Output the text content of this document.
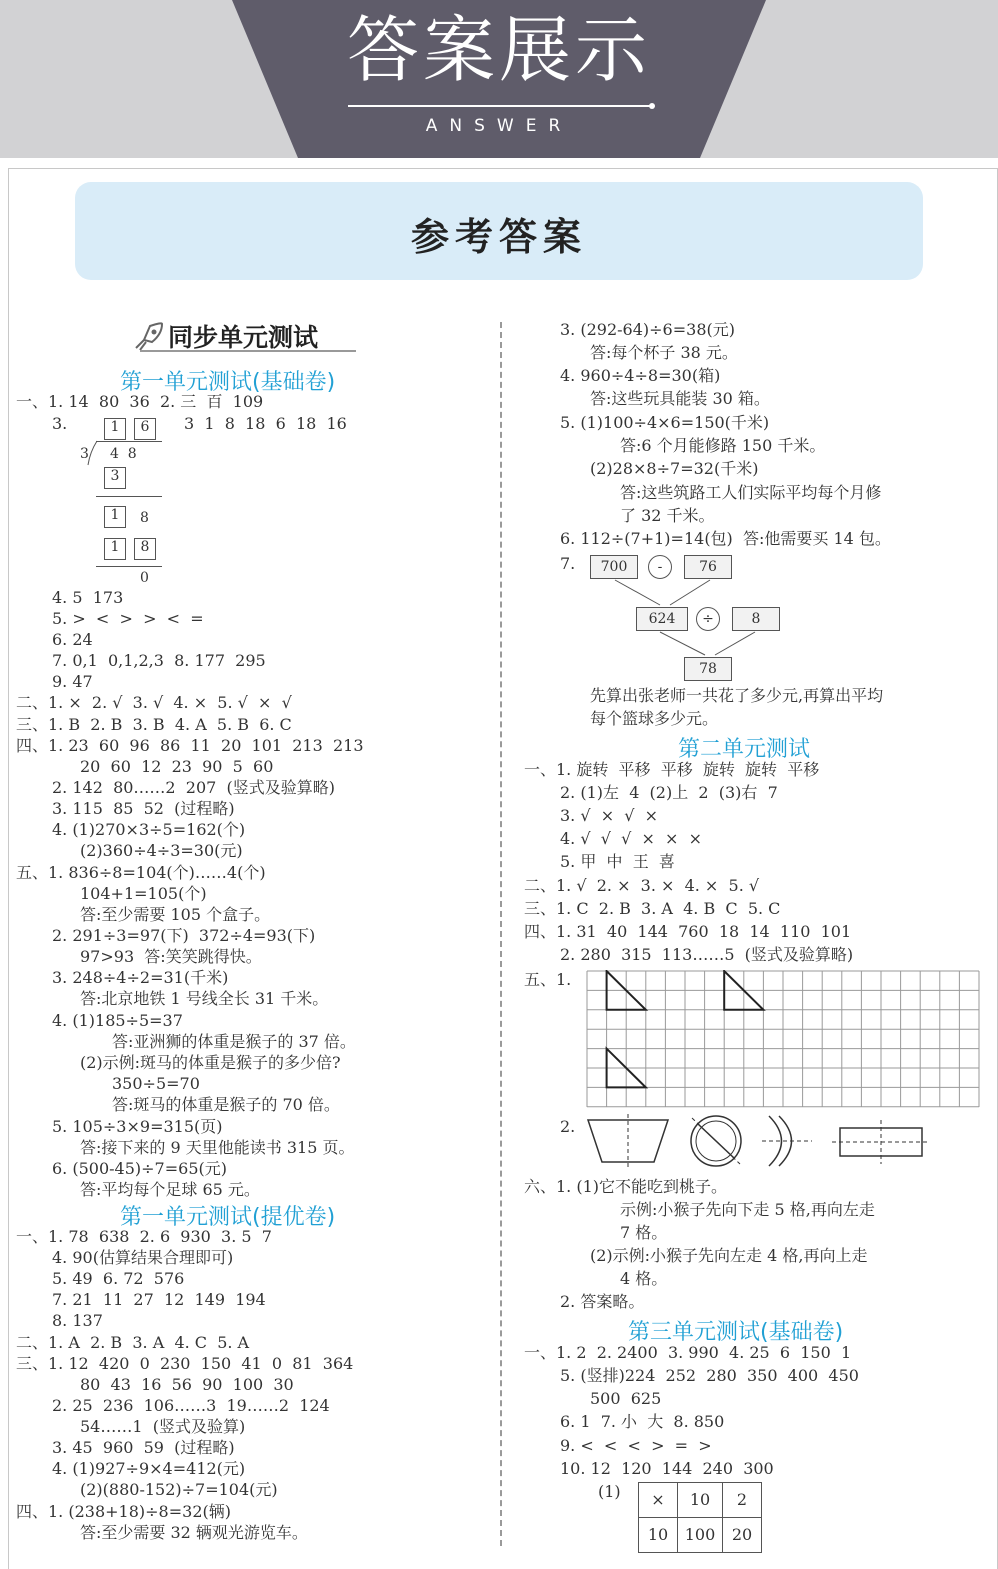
答案展示
ANSWER
参考答案
同步单元测试
第一单元测试(基础卷)
第一单元测试(提优卷)
第二单元测试
第三单元测试(基础卷)
一、1. 14  80  36  2. 三  百  109
3.	3  1  8  18  6  18  16
1	6
3 4  8
3
1	8
1	8
0
4. 5  173
5. >  <  >  >  <  =
6. 24
7. 0,1  0,1,2,3  8. 177  295
9. 47
二、1. ×  2. √  3. √  4. ×  5. √  ×  √
三、1. B  2. B  3. B  4. A  5. B  6. C
四、1. 23  60  96  86  11  20  101  213  213
20  60  12  23  90  5  60
2. 142  80……2  207  (竖式及验算略)
3. 115  85  52  (过程略)
4. (1)270×3÷5=162(个)
(2)360÷4÷3=30(元)
五、1. 836÷8=104(个)……4(个)
104+1=105(个)
答:至少需要 105 个盒子。
2. 291÷3=97(下)  372÷4=93(下)
97>93  答:笑笑跳得快。
3. 248÷4÷2=31(千米)
答:北京地铁 1 号线全长 31 千米。
4. (1)185÷5=37
答:亚洲狮的体重是猴子的 37 倍。
(2)示例:斑马的体重是猴子的多少倍?
350÷5=70
答:斑马的体重是猴子的 70 倍。
5. 105÷3×9=315(页)
答:接下来的 9 天里他能读书 315 页。
6. (500-45)÷7=65(元)
答:平均每个足球 65 元。
一、1. 78  638  2. 6  930  3. 5  7
4. 90(估算结果合理即可)
5. 49  6. 72  576
7. 21  11  27  12  149  194
8. 137
二、1. A  2. B  3. A  4. C  5. A
三、1. 12  420  0  230  150  41  0  81  364
80  43  16  56  90  100  30
2. 25  236  106……3  19……2  124
54……1  (竖式及验算)
3. 45  960  59  (过程略)
4. (1)927÷9×4=412(元)
(2)(880-152)÷7=104(元)
四、1. (238+18)÷8=32(辆)
答:至少需要 32 辆观光游览车。
3. (292-64)÷6=38(元)
答:每个杯子 38 元。
4. 960÷4÷8=30(箱)
答:这些玩具能装 30 箱。
5. (1)100÷4×6=150(千米)
答:6 个月能修路 150 千米。
(2)28×8÷7=32(千米)
答:这些筑路工人们实际平均每个月修
了 32 千米。
6. 112÷(7+1)=14(包)  答:他需要买 14 包。
7.	700	-	76
624	÷	8
78
先算出张老师一共花了多少元,再算出平均
每个篮球多少元。
一、1. 旋转  平移  平移  旋转  旋转  平移
2. (1)左  4  (2)上  2  (3)右  7
3. √  ×  √  ×
4. √  √  √  ×  ×  ×
5. 甲  中  王  喜
二、1. √  2. ×  3. ×  4. ×  5. √
三、1. C  2. B  3. A  4. B  C  5. C
四、1. 31  40  144  760  18  14  110  101
2. 280  315  113……5  (竖式及验算略)
五、1.
2.
六、1. (1)它不能吃到桃子。
示例:小猴子先向下走 5 格,再向左走
7 格。
(2)示例:小猴子先向左走 4 格,再向上走
4 格。
2. 答案略。
一、1. 2  2. 2400  3. 990  4. 25  6  150  1
5. (竖排)224  252  280  350  400  450
500  625
6. 1  7. 小  大  8. 850
9. <  <  <  >  =  >
10. 12  120  144  240  300
(1)	×	10	2
10	100	20
